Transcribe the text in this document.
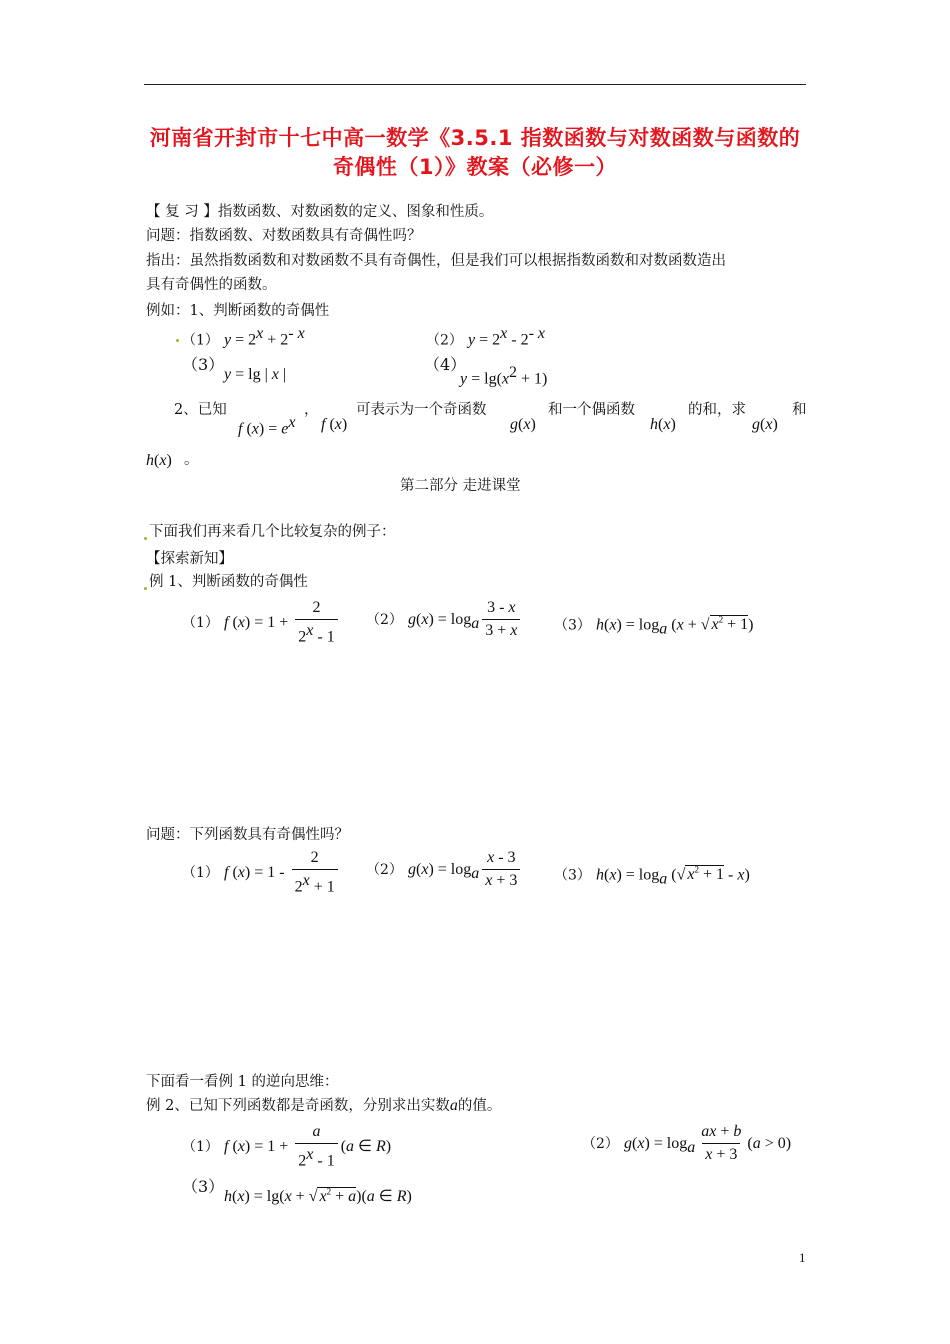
河南省开封市十七中高一数学《3.5.1 指数函数与对数函数与函数的
奇偶性（1）》教案（必修一）
【 复 习 】指数函数、对数函数的定义、图象和性质。
问题：指数函数、对数函数具有奇偶性吗？
指出：虽然指数函数和对数函数不具有奇偶性，但是我们可以根据指数函数和对数函数造出
具有奇偶性的函数。
例如：1、判断函数的奇偶性
（1） $y = 2^x + 2^{- x}$	（2） $y = 2^x - 2^{- x}$
（3）
y = lg | x |
（4）
$y = \lg(x^2 + 1)$
2、已知
f $(x) = e^x$
，
f (x)
可表示为一个奇函数
g(x)
和一个偶函数
h(x)
的和，求
g(x)
和
h(x) 。
第二部分 走进课堂
下面我们再来看几个比较复杂的例子：
【探索新知】
例 1、判断函数的奇偶性
（1） f $(x) = 1 + \frac{2}{2^x - 1} (2) g(x) = \log_a \frac{3 - x}{3 + x} (3) h(x) = \log_a (x$ + √ $x^2 + 1$)
问题：下列函数具有奇偶性吗？
（1） f $(x) = 1 - \frac{2}{2^x + 1} (2) g(x) = \log_a \frac{x - 3}{x + 3} (3) h(x) = \log_a$ (√ $x^2 + 1 - x$)
下面看一看例 1 的逆向思维：
例 2、已知下列函数都是奇函数，分别求出实数a的值。
（1） f $(x) = 1 + \frac{a}{2^x - 1} (a$ ∈ R)	（2） $g(x) = \log_a \frac{ax + b}{x + 3} (a > 0)$
（3）
h(x) = lg(x + √ $x^2 + a)(a$ ∈ R)
1
